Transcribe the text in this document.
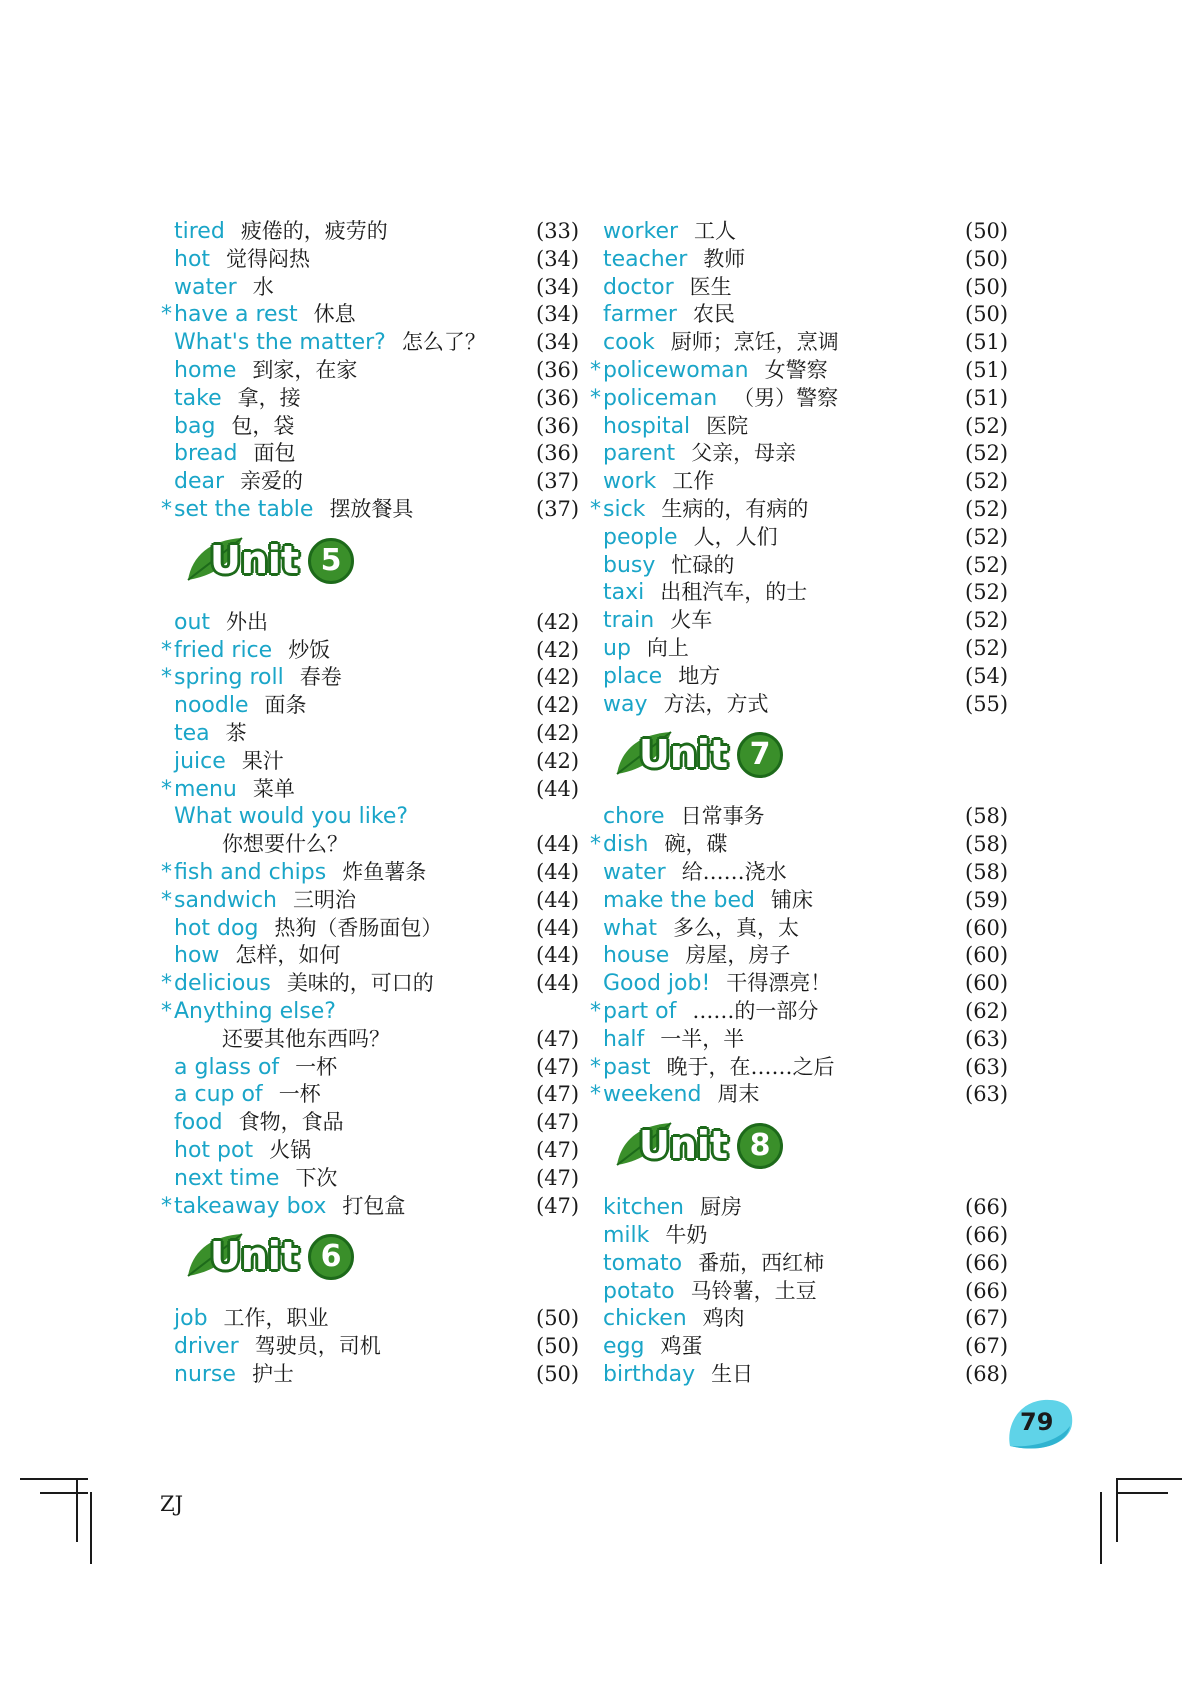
tired 疲倦的，疲劳的	(33)
hot 觉得闷热	(34)
water 水	(34)
* have a rest 休息	(34)
What's the matter? 怎么了？ (34)
home 到家，在家	(36)
take 拿，接	(36)
bag 包，袋	(36)
bread 面包	(36)
dear 亲爱的	(37)
* set the table 摆放餐具	(37)
Unit 5
out 外出	(42)
* fried rice 炒饭	(42)
* spring roll 春卷	(42)
noodle 面条	(42)
tea 茶	(42)
juice 果汁	(42)
* menu 菜单	(44)
What would you like?
你想要什么？	(44)
* fish and chips 炸鱼薯条	(44)
* sandwich 三明治	(44)
hot dog 热狗（香肠面包）	(44)
how 怎样，如何	(44)
* delicious 美味的，可口的	(44)
* Anything else?
还要其他东西吗？	(47)
a glass of 一杯	(47)
a cup of 一杯	(47)
food 食物，食品	(47)
hot pot 火锅	(47)
next time 下次	(47)
* takeaway box 打包盒	(47)
Unit 6
job 工作，职业	(50)
driver 驾驶员，司机	(50)
nurse 护士	(50)
worker 工人	(50)
teacher 教师	(50)
doctor 医生	(50)
farmer 农民	(50)
cook 厨师；烹饪，烹调	(51)
* policewoman 女警察	(51)
* policeman （男）警察	(51)
hospital 医院	(52)
parent 父亲，母亲	(52)
work 工作	(52)
* sick 生病的，有病的	(52)
people 人，人们	(52)
busy 忙碌的	(52)
taxi 出租汽车，的士	(52)
train 火车	(52)
up 向上	(52)
place 地方	(54)
way 方法，方式	(55)
Unit 7
chore 日常事务	(58)
* dish 碗，碟	(58)
water 给……浇水	(58)
make the bed 铺床	(59)
what 多么，真，太	(60)
house 房屋，房子	(60)
Good job! 干得漂亮！	(60)
* part of ……的一部分	(62)
half 一半，半	(63)
* past 晚于，在……之后	(63)
* weekend 周末	(63)
Unit 8
kitchen 厨房	(66)
milk 牛奶	(66)
tomato 番茄，西红柿	(66)
potato 马铃薯，土豆	(66)
chicken 鸡肉	(67)
egg 鸡蛋	(67)
birthday 生日	(68)
79
ZJ
